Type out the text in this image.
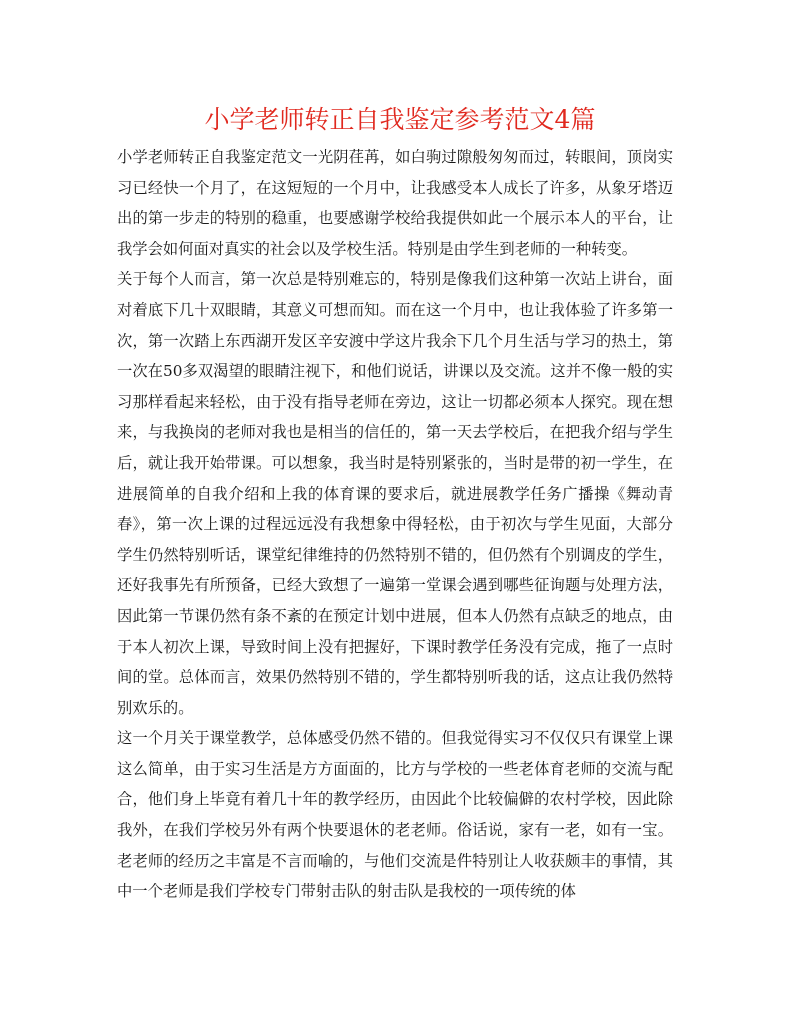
小学老师转正自我鉴定参考范文4篇

小学老师转正自我鉴定范文一光阴荏苒，如白驹过隙般匆匆而过，转眼间，顶岗实习已经快一个月了，在这短短的一个月中，让我感受本人成长了许多，从象牙塔迈出的第一步走的特别的稳重，也要感谢学校给我提供如此一个展示本人的平台，让我学会如何面对真实的社会以及学校生活。特别是由学生到老师的一种转变。

关于每个人而言，第一次总是特别难忘的，特别是像我们这种第一次站上讲台，面对着底下几十双眼睛，其意义可想而知。而在这一个月中，也让我体验了许多第一次，第一次踏上东西湖开发区辛安渡中学这片我余下几个月生活与学习的热土，第一次在50多双渴望的眼睛注视下，和他们说话，讲课以及交流。这并不像一般的实习那样看起来轻松，由于没有指导老师在旁边，这让一切都必须本人探究。现在想来，与我换岗的老师对我也是相当的信任的，第一天去学校后，在把我介绍与学生后，就让我开始带课。可以想象，我当时是特别紧张的，当时是带的初一学生，在进展简单的自我介绍和上我的体育课的要求后，就进展教学任务广播操《舞动青春》，第一次上课的过程远远没有我想象中得轻松，由于初次与学生见面，大部分学生仍然特别听话，课堂纪律维持的仍然特别不错的，但仍然有个别调皮的学生，还好我事先有所预备，已经大致想了一遍第一堂课会遇到哪些征询题与处理方法，因此第一节课仍然有条不紊的在预定计划中进展，但本人仍然有点缺乏的地点，由于本人初次上课，导致时间上没有把握好，下课时教学任务没有完成，拖了一点时间的堂。总体而言，效果仍然特别不错的，学生都特别听我的话，这点让我仍然特别欢乐的。

这一个月关于课堂教学，总体感受仍然不错的。但我觉得实习不仅仅只有课堂上课这么简单，由于实习生活是方方面面的，比方与学校的一些老体育老师的交流与配合，他们身上毕竟有着几十年的教学经历，由因此个比较偏僻的农村学校，因此除我外，在我们学校另外有两个快要退休的老老师。俗话说，家有一老，如有一宝。老老师的经历之丰富是不言而喻的，与他们交流是件特别让人收获颇丰的事情，其中一个老师是我们学校专门带射击队的射击队是我校的一项传统的体
